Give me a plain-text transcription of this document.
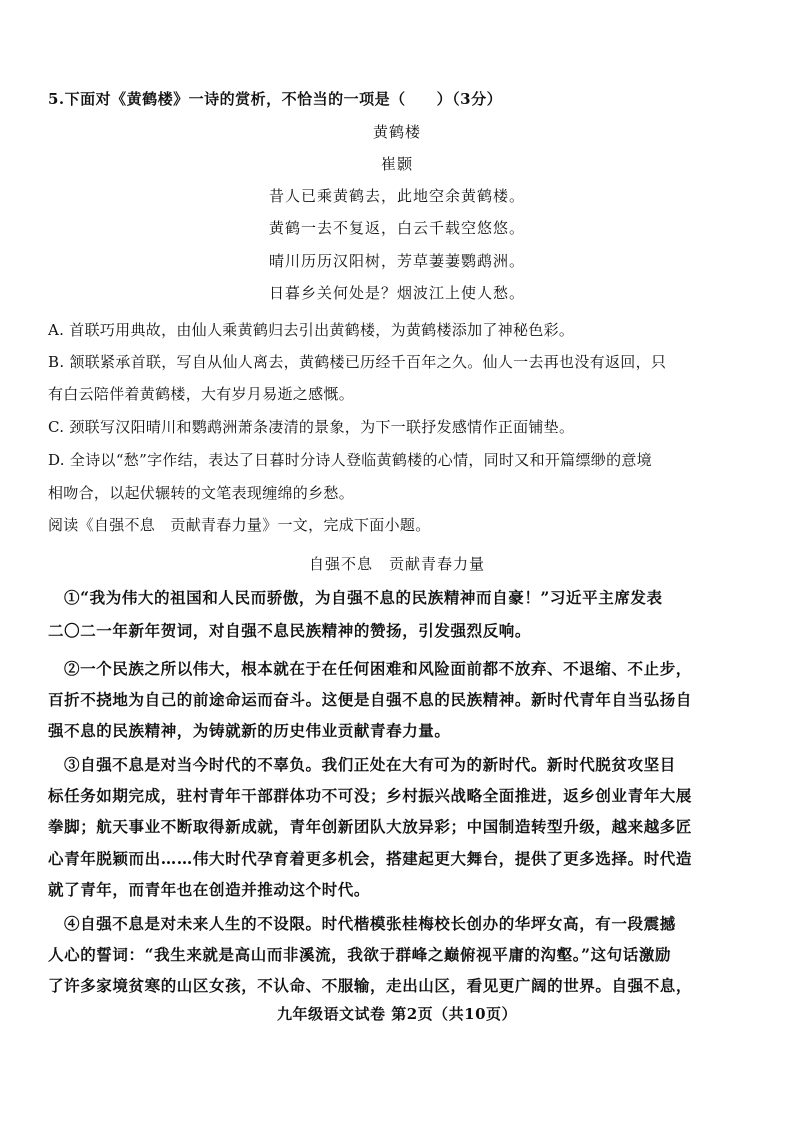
5.下面对《黄鹤楼》一诗的赏析，不恰当的一项是（　　）（3分）
黄鹤楼
崔颢
昔人已乘黄鹤去，此地空余黄鹤楼。
黄鹤一去不复返，白云千载空悠悠。
晴川历历汉阳树，芳草萋萋鹦鹉洲。
日暮乡关何处是？烟波江上使人愁。
A. 首联巧用典故，由仙人乘黄鹤归去引出黄鹤楼，为黄鹤楼添加了神秘色彩。
B. 颔联紧承首联，写自从仙人离去，黄鹤楼已历经千百年之久。仙人一去再也没有返回，只
有白云陪伴着黄鹤楼，大有岁月易逝之感慨。
C. 颈联写汉阳晴川和鹦鹉洲萧条凄清的景象，为下一联抒发感情作正面铺垫。
D. 全诗以“愁”字作结，表达了日暮时分诗人登临黄鹤楼的心情，同时又和开篇缥缈的意境
相吻合，以起伏辗转的文笔表现缠绵的乡愁。
阅读《自强不息　贡献青春力量》一文，完成下面小题。
自强不息　贡献青春力量
①“我为伟大的祖国和人民而骄傲，为自强不息的民族精神而自豪！”习近平主席发表
二〇二一年新年贺词，对自强不息民族精神的赞扬，引发强烈反响。
②一个民族之所以伟大，根本就在于在任何困难和风险面前都不放弃、不退缩、不止步，
百折不挠地为自己的前途命运而奋斗。这便是自强不息的民族精神。新时代青年自当弘扬自
强不息的民族精神，为铸就新的历史伟业贡献青春力量。
③自强不息是对当今时代的不辜负。我们正处在大有可为的新时代。新时代脱贫攻坚目
标任务如期完成，驻村青年干部群体功不可没；乡村振兴战略全面推进，返乡创业青年大展
拳脚；航天事业不断取得新成就，青年创新团队大放异彩；中国制造转型升级，越来越多匠
心青年脱颖而出……伟大时代孕育着更多机会，搭建起更大舞台，提供了更多选择。时代造
就了青年，而青年也在创造并推动这个时代。
④自强不息是对未来人生的不设限。时代楷模张桂梅校长创办的华坪女高，有一段震撼
人心的誓词：“我生来就是高山而非溪流，我欲于群峰之巅俯视平庸的沟壑。”这句话激励
了许多家境贫寒的山区女孩，不认命、不服输，走出山区，看见更广阔的世界。自强不息，
九年级语文试卷 第2页（共10页）
